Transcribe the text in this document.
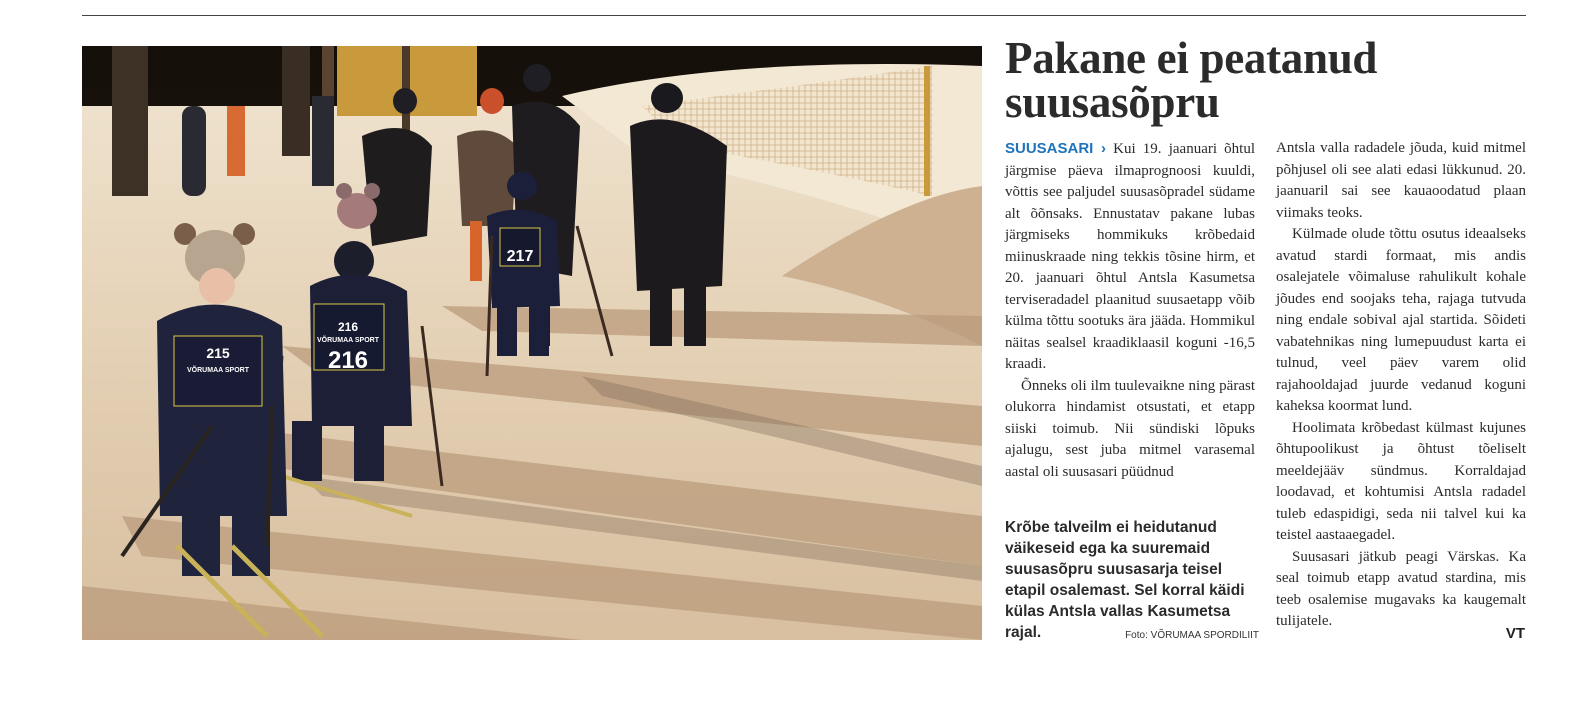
217
216
VÕRUMAA SPORT
216
215
VÕRUMAA SPORT
Pakane ei peatanud suusasõpru

SUUSASARI › Kui 19. jaanuari õhtul järgmise päeva ilmaprognoosi kuuldi, võttis see paljudel suusasõpradel südame alt õõnsaks. Ennustatav pakane lubas järgmiseks hommikuks krõbedaid miinuskraade ning tekkis tõsine hirm, et 20. jaanuari õhtul Antsla Kasumetsa terviseradadel plaanitud suusaetapp võib külma tõttu sootuks ära jääda. Hommikul näitas sealsel kraadiklaasil koguni -16,5 kraadi.

Õnneks oli ilm tuulevaikne ning pärast olukorra hindamist otsustati, et etapp siiski toimub. Nii sündiski lõpuks ajalugu, sest juba mitmel varasemal aastal oli suusasari püüdnud

Krõbe talveilm ei heidutanud väikeseid ega ka suuremaid suusasõpru suusasarja teisel etapil osalemast. Sel korral käidi külas Antsla vallas Kasumetsa rajal.	Foto: VÕRUMAA SPORDILIIT

Antsla valla radadele jõuda, kuid mitmel põhjusel oli see alati edasi lükkunud. 20. jaanuaril sai see kauaoodatud plaan viimaks teoks.

Külmade olude tõttu osutus ideaalseks avatud stardi formaat, mis andis osalejatele võimaluse rahulikult kohale jõudes end soojaks teha, rajaga tutvuda ning endale sobival ajal startida. Sõideti vabatehnikas ning lumepuudust karta ei tulnud, veel päev varem olid rajahooldajad juurde vedanud koguni kaheksa koormat lund.

Hoolimata krõbedast külmast kujunes õhtupoolikust ja õhtust tõeliselt meeldejääv sündmus. Korraldajad loodavad, et kohtumisi Antsla radadel tuleb edaspidigi, seda nii talvel kui ka teistel aastaaegadel.

Suusasari jätkub peagi Värskas. Ka seal toimub etapp avatud stardina, mis teeb osalemise mugavaks ka kaugemalt tulijatele.

VT
